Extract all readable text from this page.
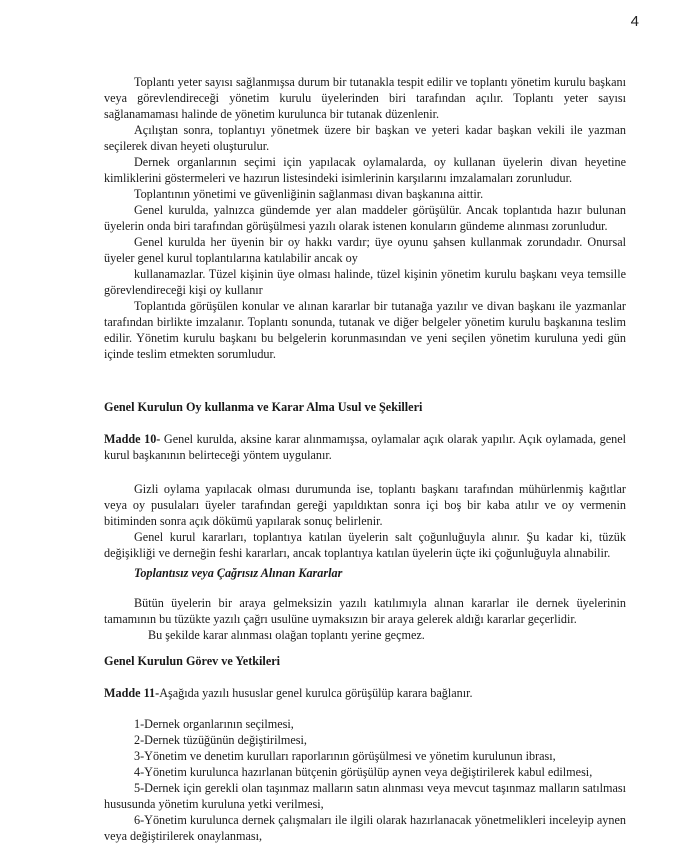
4

Toplantı yeter sayısı sağlanmışsa durum bir tutanakla tespit edilir ve toplantı yönetim kurulu başkanı veya görevlendireceği yönetim kurulu üyelerinden biri tarafından açılır. Toplantı yeter sayısı sağlanamaması halinde de yönetim kurulunca bir tutanak düzenlenir.

Açılıştan sonra, toplantıyı yönetmek üzere bir başkan ve yeteri kadar başkan vekili ile yazman seçilerek divan heyeti oluşturulur.

Dernek organlarının seçimi için yapılacak oylamalarda, oy kullanan üyelerin divan heyetine kimliklerini göstermeleri ve hazırun listesindeki isimlerinin karşılarını imzalamaları zorunludur.

Toplantının yönetimi ve güvenliğinin sağlanması divan başkanına aittir.

Genel kurulda, yalnızca gündemde yer alan maddeler görüşülür. Ancak toplantıda hazır bulunan üyelerin onda biri tarafından görüşülmesi yazılı olarak istenen konuların gündeme alınması zorunludur.

Genel kurulda her üyenin bir oy hakkı vardır; üye oyunu şahsen kullanmak zorundadır. Onursal üyeler genel kurul toplantılarına katılabilir ancak oy

kullanamazlar. Tüzel kişinin üye olması halinde, tüzel kişinin yönetim kurulu başkanı veya temsille görevlendireceği kişi oy kullanır

Toplantıda görüşülen konular ve alınan kararlar bir tutanağa yazılır ve divan başkanı ile yazmanlar tarafından birlikte imzalanır. Toplantı sonunda, tutanak ve diğer belgeler yönetim kurulu başkanına teslim edilir. Yönetim kurulu başkanı bu belgelerin korunmasından ve yeni seçilen yönetim kuruluna yedi gün içinde teslim etmekten sorumludur.

Genel Kurulun Oy kullanma ve Karar Alma Usul ve Şekilleri

Madde 10- Genel kurulda, aksine karar alınmamışsa, oylamalar açık olarak yapılır. Açık oylamada, genel kurul başkanının belirteceği yöntem uygulanır.

Gizli oylama yapılacak olması durumunda ise, toplantı başkanı tarafından mühürlenmiş kağıtlar veya oy pusulaları üyeler tarafından gereği yapıldıktan sonra içi boş bir kaba atılır ve oy vermenin bitiminden sonra açık dökümü yapılarak sonuç belirlenir.

Genel kurul kararları, toplantıya katılan üyelerin salt çoğunluğuyla alınır. Şu kadar ki, tüzük değişikliği ve derneğin feshi kararları, ancak toplantıya katılan üyelerin üçte iki çoğunluğuyla alınabilir.

Toplantısız veya Çağrısız Alınan Kararlar

Bütün üyelerin bir araya gelmeksizin yazılı katılımıyla alınan kararlar ile dernek üyelerinin tamamının bu tüzükte yazılı çağrı usulüne uymaksızın bir araya gelerek aldığı kararlar geçerlidir.

Bu şekilde karar alınması olağan toplantı yerine geçmez.

Genel Kurulun Görev ve Yetkileri

Madde 11-Aşağıda yazılı hususlar genel kurulca görüşülüp karara bağlanır.

1-Dernek organlarının seçilmesi,

2-Dernek tüzüğünün değiştirilmesi,

3-Yönetim ve denetim kurulları raporlarının görüşülmesi ve yönetim kurulunun ibrası,

4-Yönetim kurulunca hazırlanan bütçenin görüşülüp aynen veya değiştirilerek kabul edilmesi,

5-Dernek için gerekli olan taşınmaz malların satın alınması veya mevcut taşınmaz malların satılması hususunda yönetim kuruluna yetki verilmesi,

6-Yönetim kurulunca dernek çalışmaları ile ilgili olarak hazırlanacak yönetmelikleri inceleyip aynen veya değiştirilerek onaylanması,
